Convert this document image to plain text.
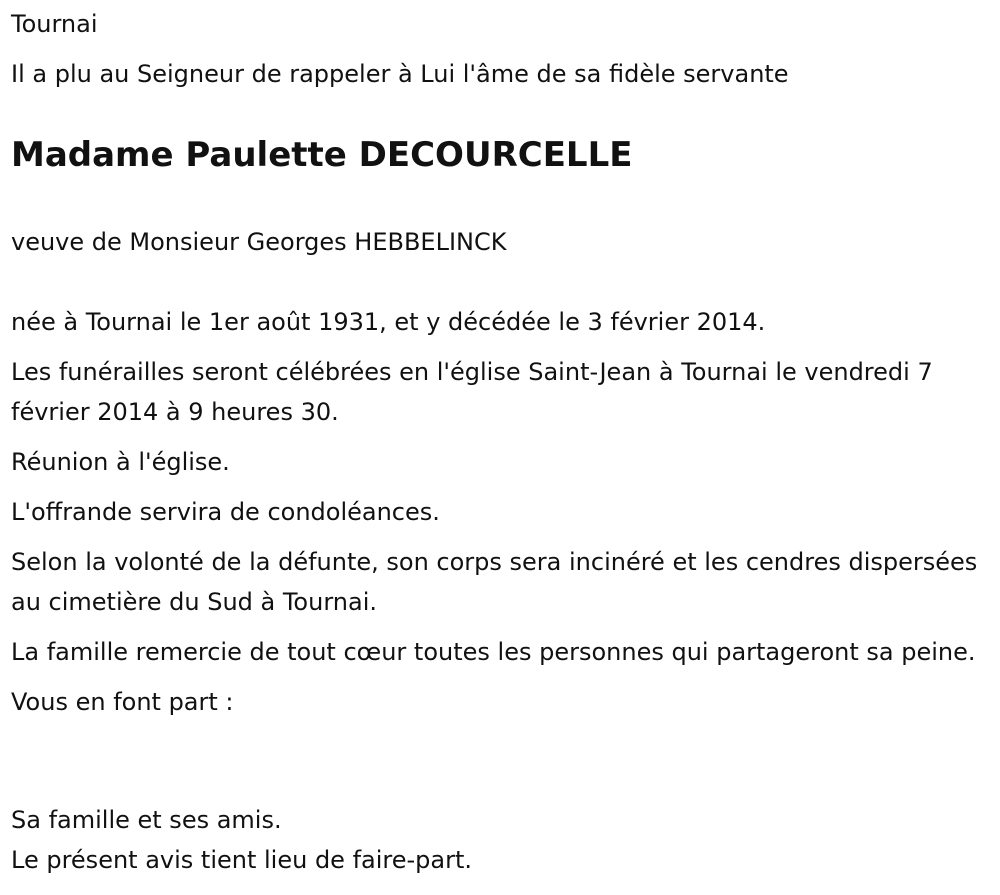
Tournai
Il a plu au Seigneur de rappeler à Lui l'âme de sa fidèle servante
Madame Paulette DECOURCELLE
veuve de Monsieur Georges HEBBELINCK

née à Tournai le 1er août 1931, et y décédée le 3 février 2014.

Les funérailles seront célébrées en l'église Saint-Jean à Tournai le vendredi 7 février 2014 à 9 heures 30.

Réunion à l'église.

L'offrande servira de condoléances.

Selon la volonté de la défunte, son corps sera incinéré et les cendres dispersées au cimetière du Sud à Tournai.

La famille remercie de tout cœur toutes les personnes qui partageront sa peine.

Vous en font part :

Sa famille et ses amis.
Le présent avis tient lieu de faire-part.
